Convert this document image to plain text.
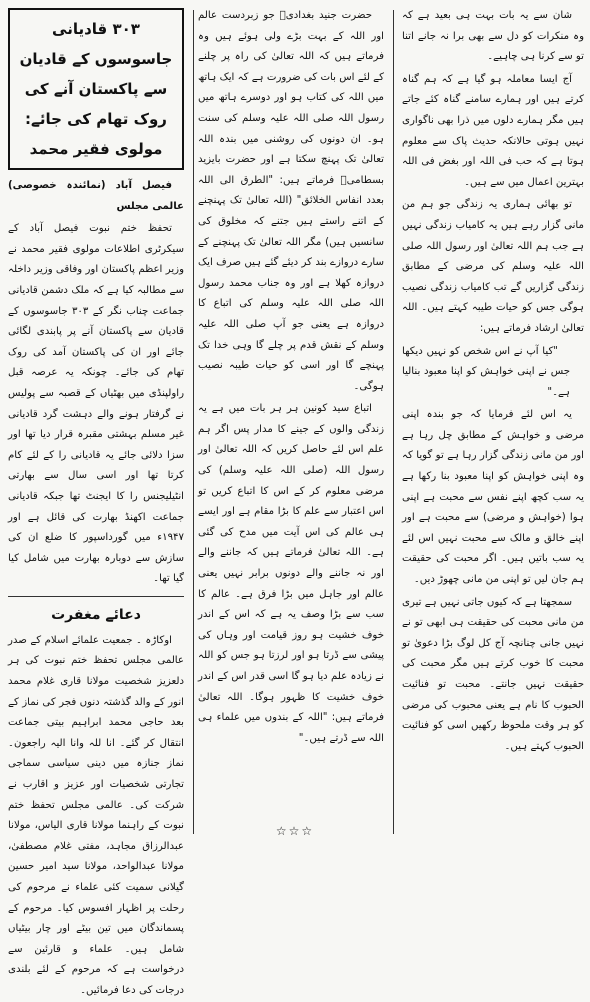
شان سے یہ بات بہت ہی بعید ہے کہ وہ منکرات کو دل سے بھی برا نہ جانے اتنا تو سے کرنا ہی چاہیے۔

آج ایسا معاملہ ہو گیا ہے کہ ہم گناہ کرتے ہیں اور ہمارے سامنے گناہ کئے جاتے ہیں مگر ہمارے دلوں میں ذرا بھی ناگواری نہیں ہوتی حالانکہ حدیث پاک سے معلوم ہوتا ہے کہ حب فی اللہ اور بغض فی اللہ بہترین اعمال میں سے ہیں۔

تو بھائی ہماری یہ زندگی جو ہم من مانی گزار رہے ہیں یہ کامیاب زندگی نہیں ہے جب ہم اللہ تعالیٰ اور رسول اللہ صلی اللہ علیہ وسلم کی مرضی کے مطابق زندگی گزاریں گے تب کامیاب زندگی نصیب ہوگی جس کو حیات طیبہ کہتے ہیں۔ اللہ تعالیٰ ارشاد فرماتے ہیں:

"کیا آپ نے اس شخص کو نہیں دیکھا جس نے اپنی خواہش کو اپنا معبود بنالیا ہے۔"

یہ اس لئے فرمایا کہ جو بندہ اپنی مرضی و خواہش کے مطابق چل رہا ہے اور من مانی زندگی گزار رہا ہے تو گویا کہ وہ اپنی خواہش کو اپنا معبود بنا رکھا ہے یہ سب کچھ اپنے نفس سے محبت ہے اپنی ہوا (خواہش و مرضی) سے محبت ہے اور اپنے خالق و مالک سے محبت نہیں اس لئے یہ سب باتیں ہیں۔ اگر محبت کی حقیقت ہم جان لیں تو اپنی من مانی چھوڑ دیں۔

سمجھتا ہے کہ کیوں جاتی نہیں ہے تیری من مانی محبت کی حقیقت ہی ابھی تو نے نہیں جانی چنانچہ آج کل لوگ بڑا دعویٰ تو محبت کا خوب کرتے ہیں مگر محبت کی حقیقت نہیں جانتے۔ محبت تو فنائیت الحبوب کا نام ہے یعنی محبوب کی مرضی کو ہر وقت ملحوظ رکھیں اسی کو فنائیت الحبوب کہتے ہیں۔

حضرت جنید بغدادیؒ جو زبردست عالم اور اللہ کے بہت بڑے ولی ہوئے ہیں وہ فرماتے ہیں کہ اللہ تعالیٰ کی راہ پر چلنے کے لئے اس بات کی ضرورت ہے کہ ایک ہاتھ میں اللہ کی کتاب ہو اور دوسرے ہاتھ میں رسول اللہ صلی اللہ علیہ وسلم کی سنت ہو۔ ان دونوں کی روشنی میں بندہ اللہ تعالیٰ تک پہنچ سکتا ہے اور حضرت بایزید بسطامیؒ فرماتے ہیں: "الطرق الی اللہ بعدد انفاس الخلائق" (اللہ تعالیٰ تک پہنچنے کے اتنے راستے ہیں جتنے کہ مخلوق کی سانسیں ہیں) مگر اللہ تعالیٰ تک پہنچنے کے سارے دروازے بند کر دیئے گئے ہیں صرف ایک دروازہ کھلا ہے اور وہ جناب محمد رسول اللہ صلی اللہ علیہ وسلم کی اتباع کا دروازہ ہے یعنی جو آپ صلی اللہ علیہ وسلم کے نقش قدم پر چلے گا وہی خدا تک پہنچے گا اور اسی کو حیات طیبہ نصیب ہوگی۔

اتباع سید کونین ہر ہر بات میں ہے یہ زندگی والوں کے جینے کا مدار پس اگر ہم علم اس لئے حاصل کریں کہ اللہ تعالیٰ اور رسول اللہ (صلی اللہ علیہ وسلم) کی مرضی معلوم کر کے اس کا اتباع کریں تو اس اعتبار سے علم کا بڑا مقام ہے اور ایسے ہی عالم کی اس آیت میں مدح کی گئی ہے۔ اللہ تعالیٰ فرماتے ہیں کہ جاننے والے اور نہ جاننے والے دونوں برابر نہیں یعنی عالم اور جاہل میں بڑا فرق ہے۔ عالم کا سب سے بڑا وصف یہ ہے کہ اس کے اندر خوف خشیت ہو روز قیامت اور وہاں کی پیشی سے ڈرتا ہو اور لرزتا ہو جس کو اللہ نے زیادہ علم دیا ہو گا اسی قدر اس کے اندر خوف خشیت کا ظہور ہوگا۔ اللہ تعالیٰ فرماتے ہیں: "اللہ کے بندوں میں علماء ہی اللہ سے ڈرتے ہیں۔"

۳۰۳ قادیانی جاسوسوں کے قادیان سے پاکستان آنے کی روک تھام کی جائے: مولوی فقیر محمد

فیصل آباد (نمائندہ خصوصی) عالمی مجلس

تحفظ ختم نبوت فیصل آباد کے سیکرٹری اطلاعات مولوی فقیر محمد نے وزیر اعظم پاکستان اور وفاقی وزیر داخلہ سے مطالبہ کیا ہے کہ ملک دشمن قادیانی جماعت چناب نگر کے ۳۰۳ جاسوسوں کے قادیان سے پاکستان آنے پر پابندی لگائی جائے اور ان کی پاکستان آمد کی روک تھام کی جائے۔ چونکہ یہ عرصہ قبل راولپنڈی میں بھٹیاں کے قصبہ سے پولیس نے گرفتار ہونے والے دہشت گرد قادیانی غیر مسلم بہشتی مقبرہ قرار دیا تھا اور سزا دلائی جائے یہ قادیانی را کے لئے کام کرتا تھا اور اسی سال سے بھارتی انٹیلیجنس را کا ایجنٹ تھا جبکہ قادیانی جماعت اکھنڈ بھارت کی قائل ہے اور ۱۹۴۷ء میں گورداسپور کا ضلع ان کی سازش سے دوبارہ بھارت میں شامل کیا گیا تھا۔

دعائے مغفرت

اوکاڑہ ۔ جمعیت علمائے اسلام کے صدر عالمی مجلس تحفظ ختم نبوت کی ہر دلعزیز شخصیت مولانا قاری غلام محمد انور کے والد گذشتہ دنوں فجر کی نماز کے بعد حاجی محمد ابراہیم بیتی جماعت انتقال کر گئے۔ انا للہ وانا الیہ راجعون۔ نماز جنازہ میں دینی سیاسی سماجی تجارتی شخصیات اور عزیز و اقارب نے شرکت کی۔ عالمی مجلس تحفظ ختم نبوت کے راہنما مولانا قاری الیاس، مولانا عبدالرزاق مجاہد، مفتی غلام مصطفیٰ، مولانا عبدالواحد، مولانا سید امیر حسین گیلانی سمیت کئی علماء نے مرحوم کی رحلت پر اظہار افسوس کیا۔ مرحوم کے پسماندگان میں تین بیٹے اور چار بیٹیاں شامل ہیں۔ علماء و قارئین سے درخواست ہے کہ مرحوم کے لئے بلندی درجات کی دعا فرمائیں۔

☆☆☆
